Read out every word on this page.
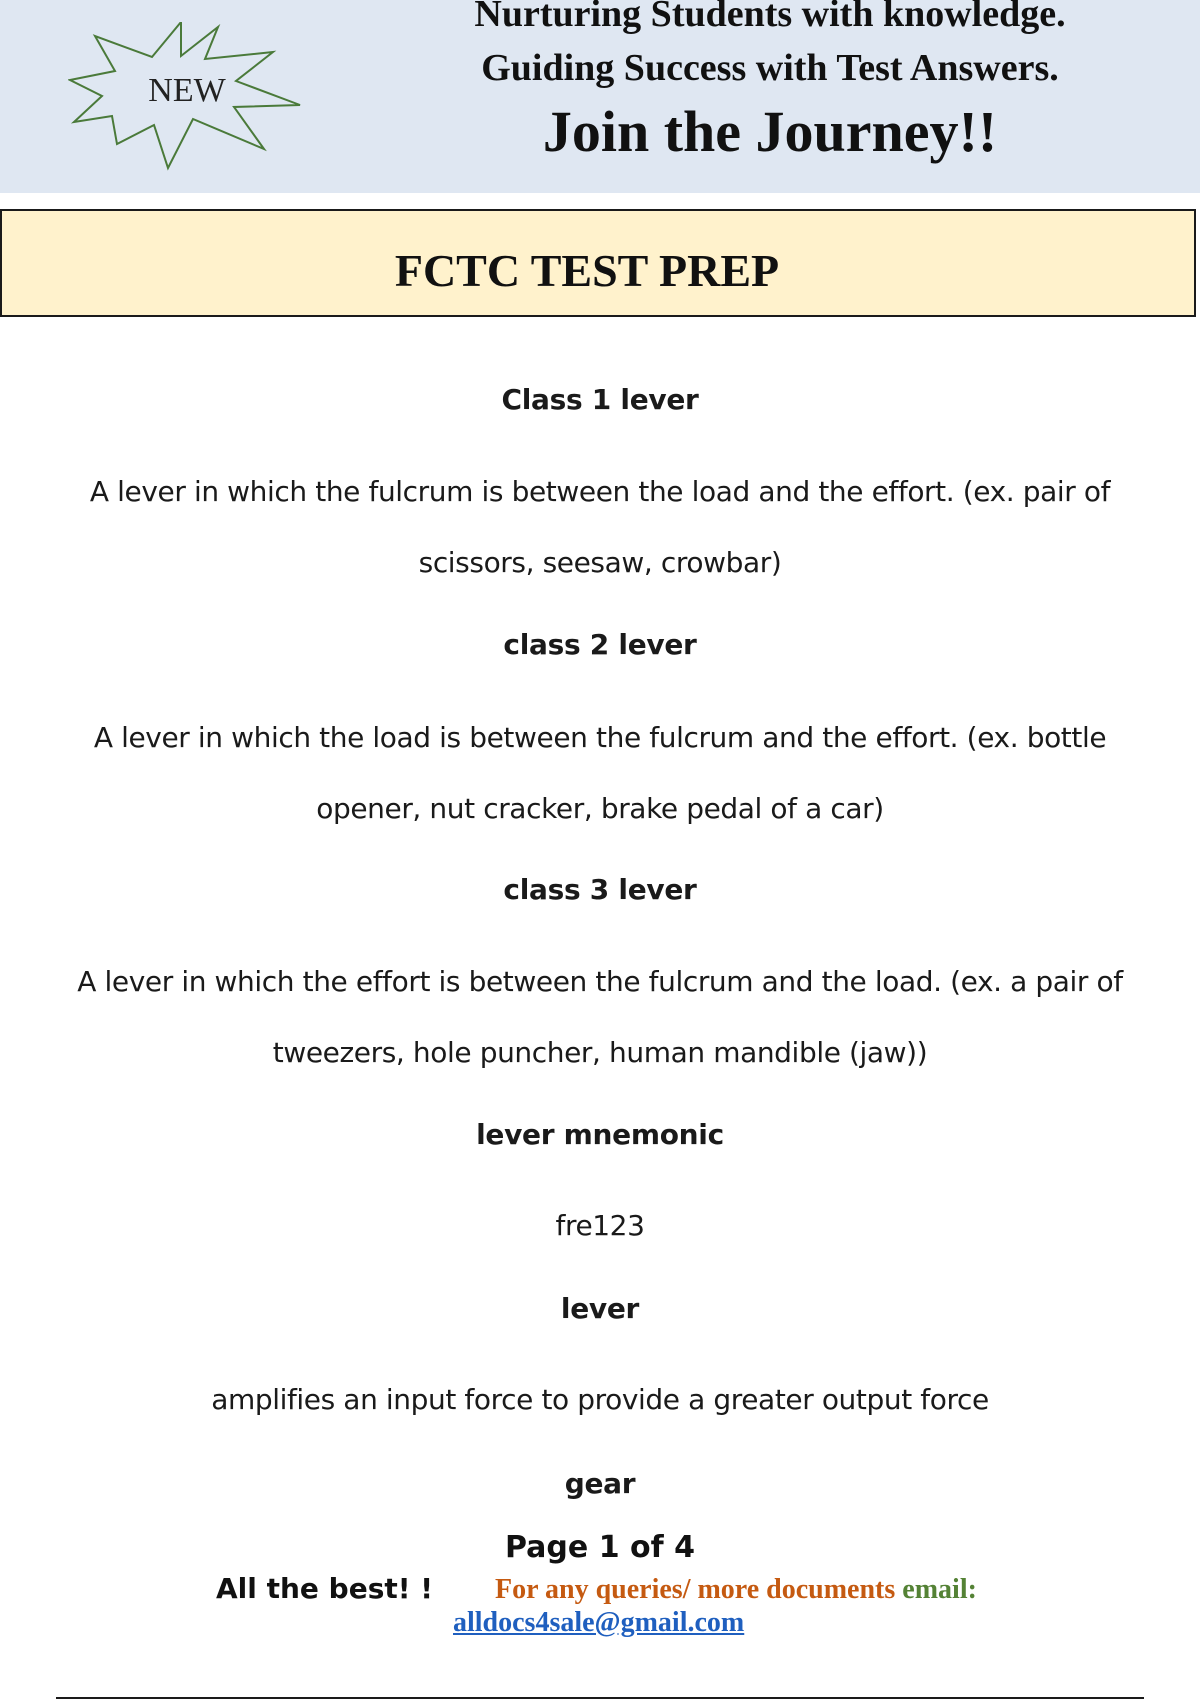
NEW
Nurturing Students with knowledge.
Guiding Success with Test Answers.
Join the Journey!!
FCTC TEST PREP
Class 1 lever
A lever in which the fulcrum is between the load and the effort. (ex. pair of scissors, seesaw, crowbar)
class 2 lever
A lever in which the load is between the fulcrum and the effort. (ex. bottle opener, nut cracker, brake pedal of a car)
class 3 lever
A lever in which the effort is between the fulcrum and the load. (ex. a pair of tweezers, hole puncher, human mandible (jaw))
lever mnemonic
fre123
lever
amplifies an input force to provide a greater output force
gear
Page 1 of 4
All the best! ! For any queries/ more documents email:
alldocs4sale@gmail.com
